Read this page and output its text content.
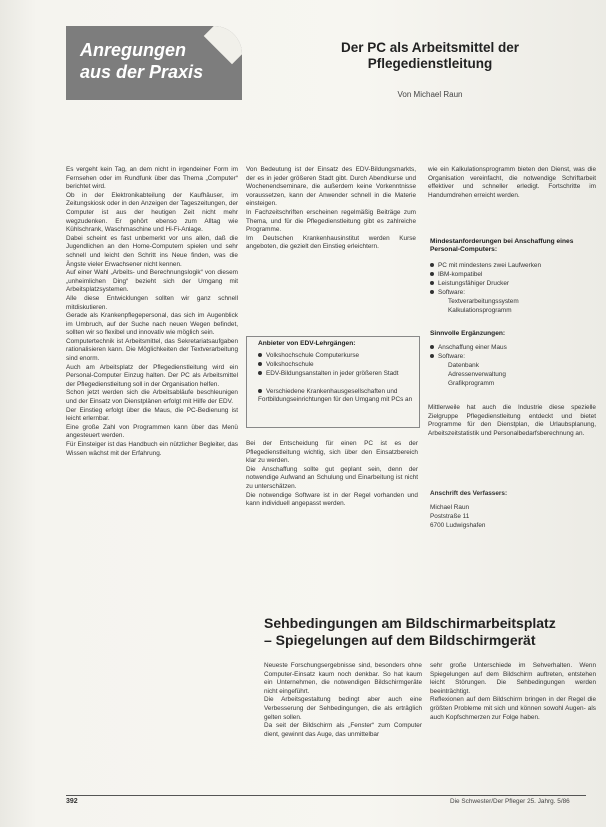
Anregungen
aus der Praxis
Der PC als Arbeitsmittel der
Pflegedienstleitung
Von Michael Raun

Es vergeht kein Tag, an dem nicht in irgendeiner Form im Fernsehen oder im Rundfunk über das Thema „Computer“ berichtet wird.

Ob in der Elektronikabteilung der Kaufhäuser, im Zeitungskiosk oder in den Anzeigen der Tageszeitungen, der Computer ist aus der heutigen Zeit nicht mehr wegzudenken. Er gehört ebenso zum Alltag wie Kühlschrank, Waschmaschine und Hi-Fi-Anlage.

Dabei scheint es fast unbemerkt vor uns allen, daß die Jugendlichen an den Home-Computern spielen und sehr schnell und leicht den Schritt ins Neue finden, was die Ängste vieler Erwachsener nicht kennen.

Auf einer Wahl „Arbeits- und Berechnungslogik“ von diesem „unheimlichen Ding“ bezieht sich der Umgang mit Arbeitsplatzsystemen.

Alle diese Entwicklungen sollten wir ganz schnell mitdiskutieren.

Gerade als Krankenpflegepersonal, das sich im Augenblick im Umbruch, auf der Suche nach neuen Wegen befindet, sollten wir so flexibel und innovativ wie möglich sein.

Computertechnik ist Arbeitsmittel, das Sekretariatsaufgaben rationalisieren kann. Die Möglichkeiten der Textverarbeitung sind enorm.

Auch am Arbeitsplatz der Pflegedienstleitung wird ein Personal-Computer Einzug halten. Der PC als Arbeitsmittel der Pflegedienstleitung soll in der Organisation helfen.

Schon jetzt werden sich die Arbeitsabläufe beschleunigen und der Einsatz von Dienstplänen erfolgt mit Hilfe der EDV.

Der Einstieg erfolgt über die Maus, die PC-Bedienung ist leicht erlernbar.

Eine große Zahl von Programmen kann über das Menü angesteuert werden.

Für Einsteiger ist das Handbuch ein nützlicher Begleiter, das Wissen wächst mit der Erfahrung.

Von Bedeutung ist der Einsatz des EDV-Bildungsmarkts, der es in jeder größeren Stadt gibt. Durch Abendkurse und Wochenendseminare, die außerdem keine Vorkenntnisse voraussetzen, kann der Anwender schnell in die Materie einsteigen.

In Fachzeitschriften erscheinen regelmäßig Beiträge zum Thema, und für die Pflegedienstleitung gibt es zahlreiche Programme.

Im Deutschen Krankenhausinstitut werden Kurse angeboten, die gezielt den Einstieg erleichtern.

Anbieter von EDV-Lehrgängen:
Volkshochschule Computerkurse
Volkshochschule
EDV-Bildungsanstalten in jeder größeren Stadt
Verschiedene Krankenhausgesellschaften und Fortbildungseinrichtungen für den Umgang mit PCs an

Bei der Entscheidung für einen PC ist es der Pflegedienstleitung wichtig, sich über den Einsatzbereich klar zu werden.

Die Anschaffung sollte gut geplant sein, denn der notwendige Aufwand an Schulung und Einarbeitung ist nicht zu unterschätzen.

Die notwendige Software ist in der Regel vorhanden und kann individuell angepasst werden.

wie ein Kalkulationsprogramm bieten den Dienst, was die Organisation vereinfacht, die notwendige Schriftarbeit effektiver und schneller erledigt. Fortschritte im Handumdrehen erreicht werden.

Mindestanforderungen bei Anschaffung eines Personal-Computers:
PC mit mindestens zwei Laufwerken
IBM-kompatibel
Leistungsfähiger Drucker
Software:
Textverarbeitungssystem
Kalkulationsprogramm
Sinnvolle Ergänzungen:
Anschaffung einer Maus
Software:
Datenbank
Adressenverwaltung
Grafikprogramm

Mittlerweile hat auch die Industrie diese spezielle Zielgruppe Pflegedienstleitung entdeckt und bietet Programme für den Dienstplan, die Urlaubsplanung, Arbeitszeitstatistik und Personalbedarfsberechnung an.

Anschrift des Verfassers:
Michael Raun
Poststraße 11
6700 Ludwigshafen
Sehbedingungen am Bildschirmarbeitsplatz
– Spiegelungen auf dem Bildschirmgerät

Neueste Forschungsergebnisse sind, besonders ohne Computer-Einsatz kaum noch denkbar. So hat kaum ein Unternehmen, die notwendigen Bildschirmgeräte nicht eingeführt.

Die Arbeitsgestaltung bedingt aber auch eine Verbesserung der Sehbedingungen, die als erträglich gelten sollen.

Da seit der Bildschirm als „Fenster“ zum Computer dient, gewinnt das Auge, das unmittelbar

sehr große Unterschiede im Sehverhalten. Wenn Spiegelungen auf dem Bildschirm auftreten, entstehen leicht Störungen. Die Sehbedingungen werden beeinträchtigt.

Reflexionen auf dem Bildschirm bringen in der Regel die größten Probleme mit sich und können sowohl Augen- als auch Kopfschmerzen zur Folge haben.

392	Die Schwester/Der Pfleger 25. Jahrg. 5/86
